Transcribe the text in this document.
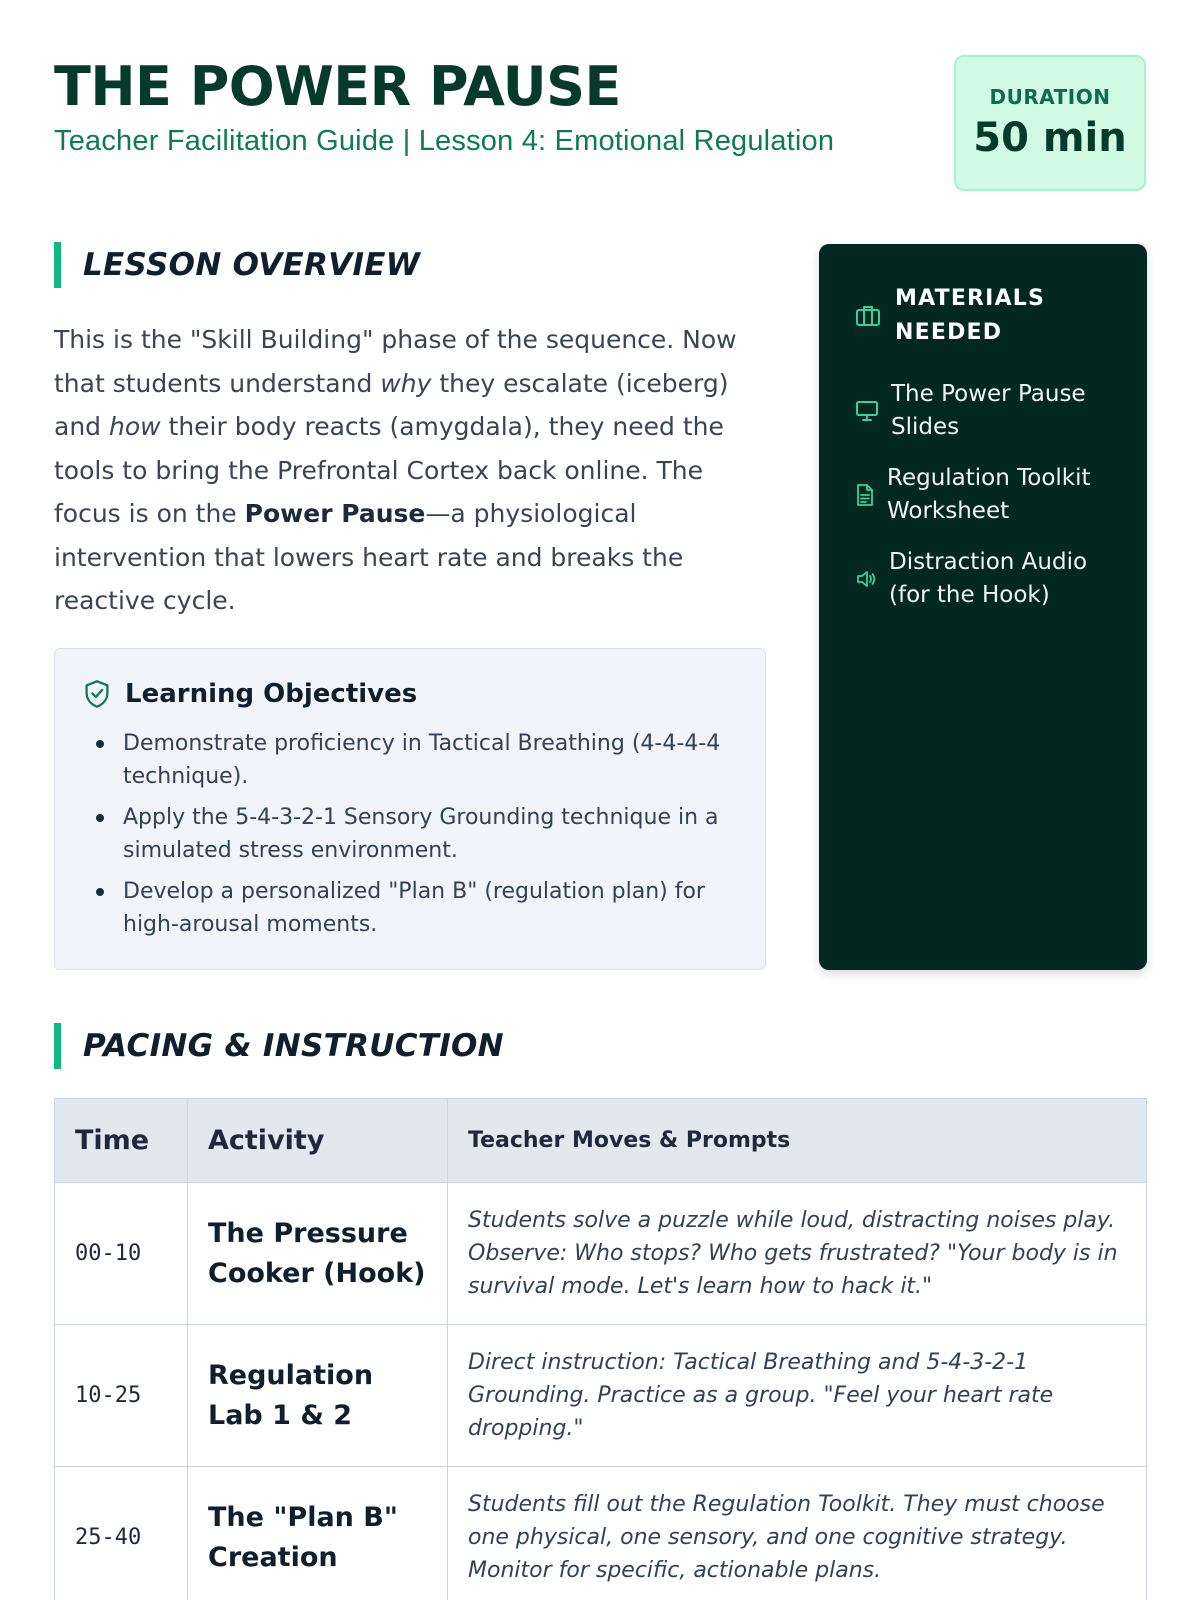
THE POWER PAUSE
Teacher Facilitation Guide | Lesson 4: Emotional Regulation
DURATION
50 min
LESSON OVERVIEW

This is the "Skill Building" phase of the sequence. Now that students understand why they escalate (iceberg) and how their body reacts (amygdala), they need the tools to bring the Prefrontal Cortex back online. The focus is on the Power Pause—a physiological intervention that lowers heart rate and breaks the reactive cycle.

Learning Objectives
Demonstrate proficiency in Tactical Breathing (4-4-4-4 technique).
Apply the 5-4-3-2-1 Sensory Grounding technique in a simulated stress environment.
Develop a personalized "Plan B" (regulation plan) for high-arousal moments.
MATERIALS NEEDED
The Power Pause Slides
Regulation Toolkit Worksheet
Distraction Audio (for the Hook)
PACING & INSTRUCTION
Time	Activity	Teacher Moves & Prompts
00-10	The Pressure Cooker (Hook)	Students solve a puzzle while loud, distracting noises play. Observe: Who stops? Who gets frustrated? "Your body is in survival mode. Let's learn how to hack it."
10-25	Regulation Lab 1 & 2	Direct instruction: Tactical Breathing and 5-4-3-2-1 Grounding. Practice as a group. "Feel your heart rate dropping."
25-40	The "Plan B" Creation	Students fill out the Regulation Toolkit. They must choose one physical, one sensory, and one cognitive strategy. Monitor for specific, actionable plans.
